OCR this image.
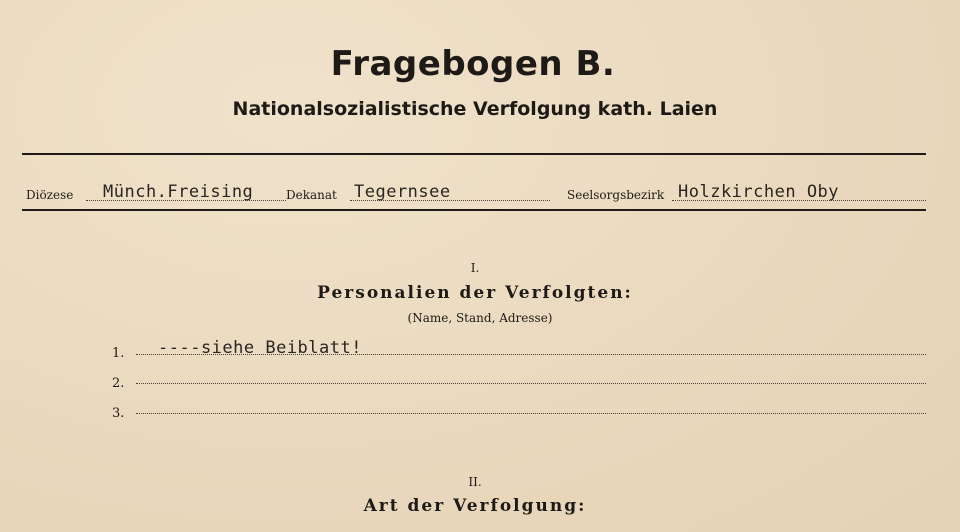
Fragebogen B.
Nationalsozialistische Verfolgung kath. Laien
Diözese Münch.Freising	Dekanat Tegernsee	Seelsorgsbezirk Holzkirchen Oby
I.
Personalien der Verfolgten:
(Name, Stand, Adresse)
1. ----siehe Beiblatt!
2.
3.
II.
Art der Verfolgung:
